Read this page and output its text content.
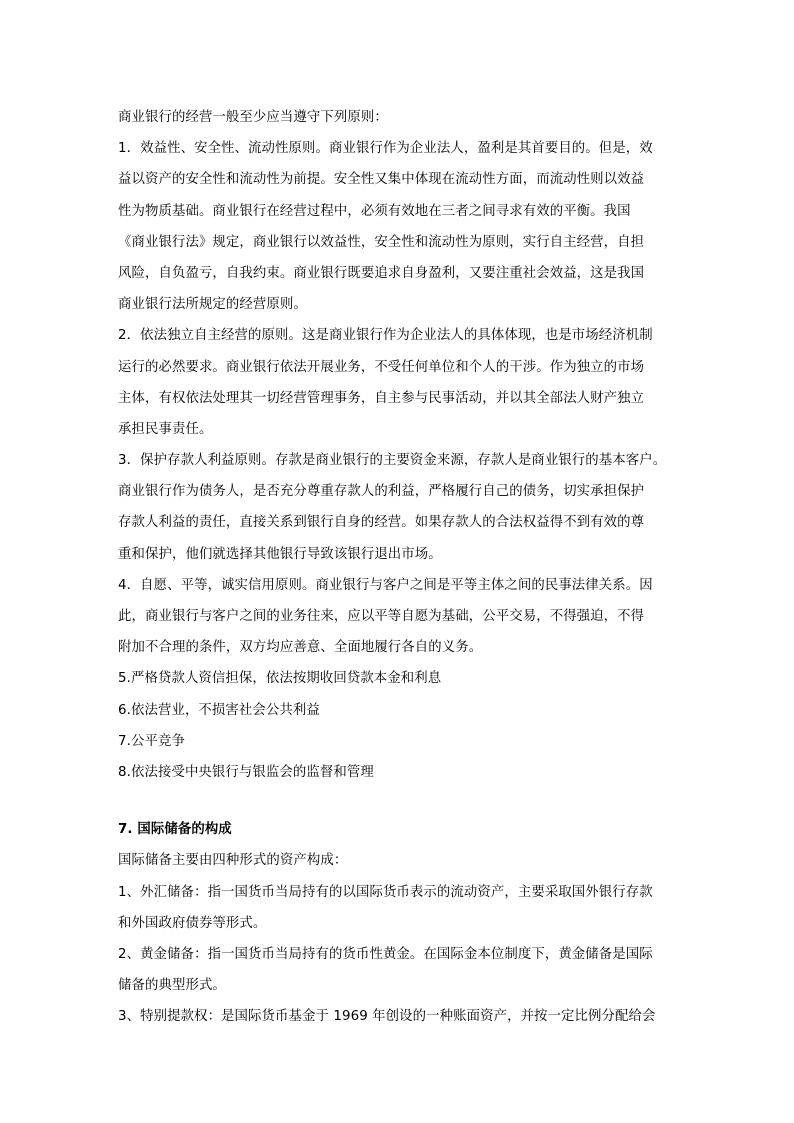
商业银行的经营一般至少应当遵守下列原则：
1．效益性、安全性、流动性原则。商业银行作为企业法人，盈利是其首要目的。但是，效
益以资产的安全性和流动性为前提。安全性又集中体现在流动性方面，而流动性则以效益
性为物质基础。商业银行在经营过程中，必须有效地在三者之间寻求有效的平衡。我国
《商业银行法》规定，商业银行以效益性，安全性和流动性为原则，实行自主经营，自担
风险，自负盈亏，自我约束。商业银行既要追求自身盈利，又要注重社会效益，这是我国
商业银行法所规定的经营原则。
2．依法独立自主经营的原则。这是商业银行作为企业法人的具体体现，也是市场经济机制
运行的必然要求。商业银行依法开展业务，不受任何单位和个人的干涉。作为独立的市场
主体，有权依法处理其一切经营管理事务，自主参与民事活动，并以其全部法人财产独立
承担民事责任。
3．保护存款人利益原则。存款是商业银行的主要资金来源，存款人是商业银行的基本客户。
商业银行作为债务人，是否充分尊重存款人的利益，严格履行自己的债务，切实承担保护
存款人利益的责任，直接关系到银行自身的经营。如果存款人的合法权益得不到有效的尊
重和保护，他们就选择其他银行导致该银行退出市场。
4．自愿、平等，诚实信用原则。商业银行与客户之间是平等主体之间的民事法律关系。因
此，商业银行与客户之间的业务往来，应以平等自愿为基础，公平交易，不得强迫，不得
附加不合理的条件，双方均应善意、全面地履行各自的义务。
5.严格贷款人资信担保，依法按期收回贷款本金和利息
6.依法营业，不损害社会公共利益
7.公平竞争
8.依法接受中央银行与银监会的监督和管理
7. 国际储备的构成
国际储备主要由四种形式的资产构成：
1、外汇储备：指一国货币当局持有的以国际货币表示的流动资产，主要采取国外银行存款
和外国政府债券等形式。
2、黄金储备：指一国货币当局持有的货币性黄金。在国际金本位制度下，黄金储备是国际
储备的典型形式。
3、特别提款权：是国际货币基金于 1969 年创设的一种账面资产，并按一定比例分配给会
